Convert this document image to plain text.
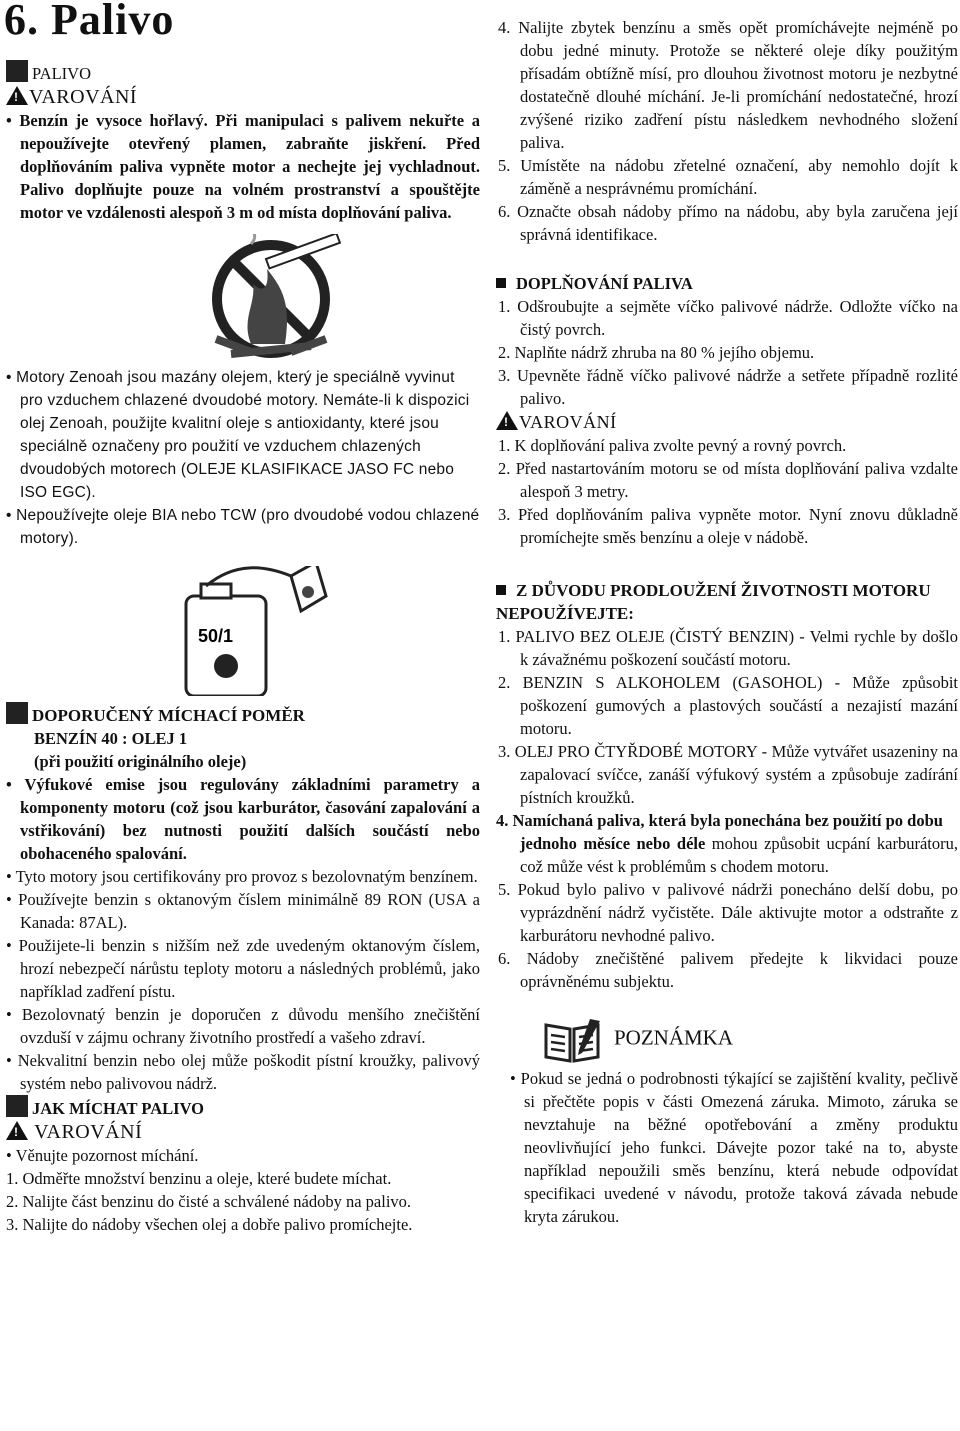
6. Palivo
PALIVO
!VAROVÁNÍ
• Benzín je vysoce hořlavý. Při manipulaci s palivem nekuřte a nepoužívejte otevřený plamen, zabraňte jiskření. Před doplňováním paliva vypněte motor a nechejte jej vychladnout. Palivo doplňujte pouze na volném prostranství a spouštějte motor ve vzdálenosti alespoň 3 m od místa doplňování paliva.
• Motory Zenoah jsou mazány olejem, který je speciálně vyvinut pro vzduchem chlazené dvoudobé motory. Nemáte-li k dispozici olej Zenoah, použijte kvalitní oleje s antioxidanty, které jsou speciálně označeny pro použití ve vzduchem chlazených dvoudobých motorech (OLEJE KLASIFIKACE JASO FC nebo ISO EGC).
• Nepoužívejte oleje BIA nebo TCW (pro dvoudobé vodou chlazené motory).
50/1
DOPORUČENÝ MÍCHACÍ POMĚR
BENZÍN 40 : OLEJ 1
(při použití originálního oleje)
• Výfukové emise jsou regulovány základními parametry a komponenty motoru (což jsou karburátor, časování zapalování a vstřikování) bez nutnosti použití dalších součástí nebo obohaceného spalování.
• Tyto motory jsou certifikovány pro provoz s bezolovnatým benzínem.
• Používejte benzin s oktanovým číslem minimálně 89 RON (USA a Kanada: 87AL).
• Použijete-li benzin s nižším než zde uvedeným oktanovým číslem, hrozí nebezpečí nárůstu teploty motoru a následných problémů, jako například zadření pístu.
• Bezolovnatý benzin je doporučen z důvodu menšího znečištění ovzduší v zájmu ochrany životního prostředí a vašeho zdraví.
• Nekvalitní benzin nebo olej může poškodit pístní kroužky, palivový systém nebo palivovou nádrž.
JAK MÍCHAT PALIVO
! VAROVÁNÍ
• Věnujte pozornost míchání.
1. Odměřte množství benzinu a oleje, které budete míchat.
2. Nalijte část benzinu do čisté a schválené nádoby na palivo.
3. Nalijte do nádoby všechen olej a dobře palivo promíchejte.
4. Nalijte zbytek benzínu a směs opět promíchávejte nejméně po dobu jedné minuty. Protože se některé oleje díky použitým přísadám obtížně mísí, pro dlouhou životnost motoru je nezbytné dostatečně dlouhé míchání. Je-li promíchání nedostatečné, hrozí zvýšené riziko zadření pístu následkem nevhodného složení paliva.
5. Umístěte na nádobu zřetelné označení, aby nemohlo dojít k záměně a nesprávnému promíchání.
6. Označte obsah nádoby přímo na nádobu, aby byla zaručena její správná identifikace.
DOPLŇOVÁNÍ PALIVA
1. Odšroubujte a sejměte víčko palivové nádrže. Odložte víčko na čistý povrch.
2. Naplňte nádrž zhruba na 80 % jejího objemu.
3. Upevněte řádně víčko palivové nádrže a setřete případně rozlité palivo.
!VAROVÁNÍ
1. K doplňování paliva zvolte pevný a rovný povrch.
2. Před nastartováním motoru se od místa doplňování paliva vzdalte alespoň 3 metry.
3. Před doplňováním paliva vypněte motor. Nyní znovu důkladně promíchejte směs benzínu a oleje v nádobě.
Z DŮVODU PRODLOUŽENÍ ŽIVOTNOSTI MOTORU NEPOUŽÍVEJTE:
1. PALIVO BEZ OLEJE (ČISTÝ BENZIN) - Velmi rychle by došlo k závažnému poškození součástí motoru.
2. BENZIN S ALKOHOLEM (GASOHOL) - Může způsobit poškození gumových a plastových součástí a nezajistí mazání motoru.
3. OLEJ PRO ČTYŘDOBÉ MOTORY - Může vytvářet usazeniny na zapalovací svíčce, zanáší výfukový systém a způsobuje zadírání pístních kroužků.
4. Namíchaná paliva, která byla ponechána bez použití po dobu
jednoho měsíce nebo déle mohou způsobit ucpání karburátoru, což může vést k problémům s chodem motoru.
5. Pokud bylo palivo v palivové nádrži ponecháno delší dobu, po vyprázdnění nádrž vyčistěte. Dále aktivujte motor a odstraňte z karburátoru nevhodné palivo.
6. Nádoby znečištěné palivem předejte k likvidaci pouze oprávněnému subjektu.
POZNÁMKA
• Pokud se jedná o podrobnosti týkající se zajištění kvality, pečlivě si přečtěte popis v části Omezená záruka. Mimoto, záruka se nevztahuje na běžné opotřebování a změny produktu neovlivňující jeho funkci. Dávejte pozor také na to, abyste například nepoužili směs benzínu, která nebude odpovídat specifikaci uvedené v návodu, protože taková závada nebude kryta zárukou.
